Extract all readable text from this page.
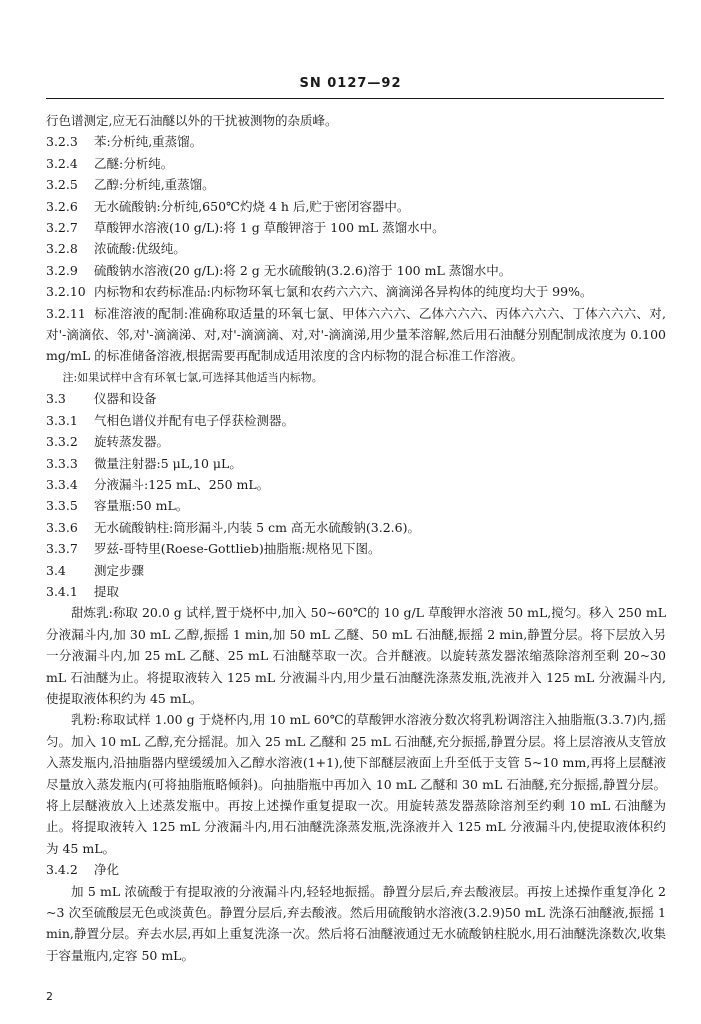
SN 0127—92
行色谱测定,应无石油醚以外的干扰被测物的杂质峰。
3.2.3 苯:分析纯,重蒸馏。
3.2.4 乙醚:分析纯。
3.2.5 乙醇:分析纯,重蒸馏。
3.2.6 无水硫酸钠:分析纯,650℃灼烧 4 h 后,贮于密闭容器中。
3.2.7 草酸钾水溶液(10 g/L):将 1 g 草酸钾溶于 100 mL 蒸馏水中。
3.2.8 浓硫酸:优级纯。
3.2.9 硫酸钠水溶液(20 g/L):将 2 g 无水硫酸钠(3.2.6)溶于 100 mL 蒸馏水中。
3.2.10 内标物和农药标准品:内标物环氧七氯和农药六六六、滴滴涕各异构体的纯度均大于 99%。
3.2.11 标准溶液的配制:准确称取适量的环氧七氯、甲体六六六、乙体六六六、丙体六六六、丁体六六六、对,对'-滴滴依、邻,对'-滴滴涕、对,对'-滴滴滴、对,对'-滴滴涕,用少量苯溶解,然后用石油醚分别配制成浓度为 0.100 mg/mL 的标准储备溶液,根据需要再配制成适用浓度的含内标物的混合标准工作溶液。
注:如果试样中含有环氧七氯,可选择其他适当内标物。
3.3 仪器和设备
3.3.1 气相色谱仪并配有电子俘获检测器。
3.3.2 旋转蒸发器。
3.3.3 微量注射器:5 μL,10 μL。
3.3.4 分液漏斗:125 mL、250 mL。
3.3.5 容量瓶:50 mL。
3.3.6 无水硫酸钠柱:筒形漏斗,内装 5 cm 高无水硫酸钠(3.2.6)。
3.3.7 罗兹-哥特里(Roese-Gottlieb)抽脂瓶:规格见下图。
3.4 测定步骤
3.4.1 提取
甜炼乳:称取 20.0 g 试样,置于烧杯中,加入 50~60℃的 10 g/L 草酸钾水溶液 50 mL,搅匀。移入 250 mL 分液漏斗内,加 30 mL 乙醇,振摇 1 min,加 50 mL 乙醚、50 mL 石油醚,振摇 2 min,静置分层。将下层放入另一分液漏斗内,加 25 mL 乙醚、25 mL 石油醚萃取一次。合并醚液。以旋转蒸发器浓缩蒸除溶剂至剩 20~30 mL 石油醚为止。将提取液转入 125 mL 分液漏斗内,用少量石油醚洗涤蒸发瓶,洗液并入 125 mL 分液漏斗内,使提取液体积约为 45 mL。
乳粉:称取试样 1.00 g 于烧杯内,用 10 mL 60℃的草酸钾水溶液分数次将乳粉调溶注入抽脂瓶(3.3.7)内,摇匀。加入 10 mL 乙醇,充分摇混。加入 25 mL 乙醚和 25 mL 石油醚,充分振摇,静置分层。将上层溶液从支管放入蒸发瓶内,沿抽脂器内壁缓缓加入乙醇水溶液(1+1),使下部醚层液面上升至低于支管 5~10 mm,再将上层醚液尽量放入蒸发瓶内(可将抽脂瓶略倾斜)。向抽脂瓶中再加入 10 mL 乙醚和 30 mL 石油醚,充分振摇,静置分层。将上层醚液放入上述蒸发瓶中。再按上述操作重复提取一次。用旋转蒸发器蒸除溶剂至约剩 10 mL 石油醚为止。将提取液转入 125 mL 分液漏斗内,用石油醚洗涤蒸发瓶,洗涤液并入 125 mL 分液漏斗内,使提取液体积约为 45 mL。
3.4.2 净化
加 5 mL 浓硫酸于有提取液的分液漏斗内,轻轻地振摇。静置分层后,弃去酸液层。再按上述操作重复净化 2~3 次至硫酸层无色或淡黄色。静置分层后,弃去酸液。然后用硫酸钠水溶液(3.2.9)50 mL 洗涤石油醚液,振摇 1 min,静置分层。弃去水层,再如上重复洗涤一次。然后将石油醚液通过无水硫酸钠柱脱水,用石油醚洗涤数次,收集于容量瓶内,定容 50 mL。
2
